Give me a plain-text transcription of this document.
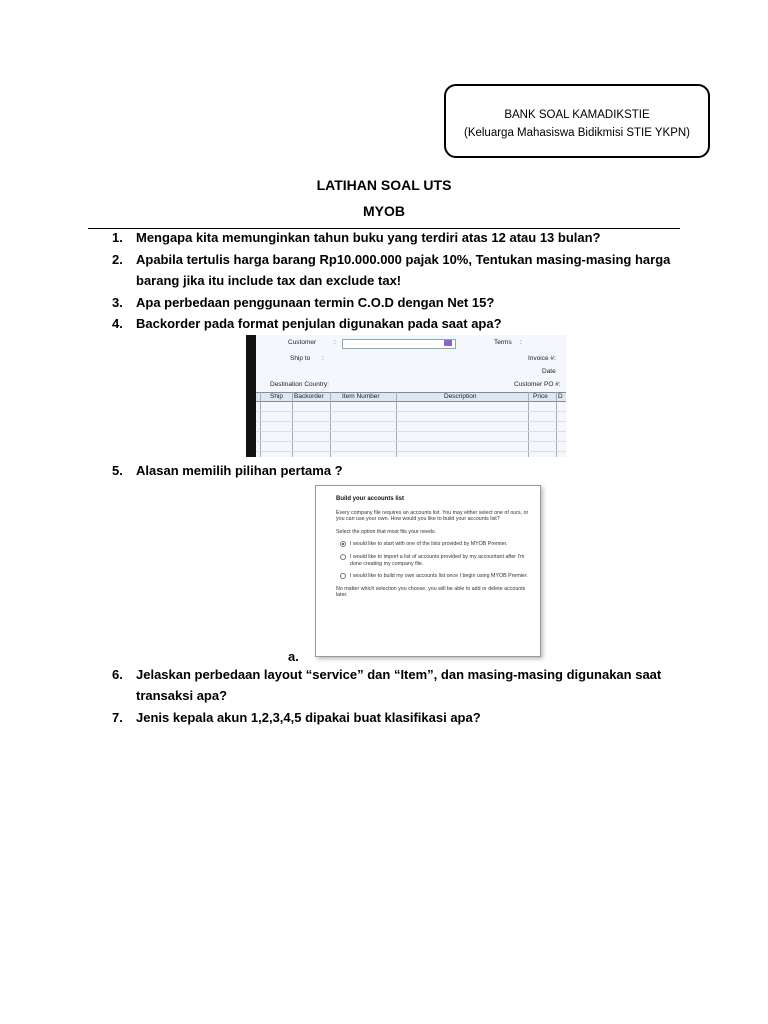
BANK SOAL KAMADIKSTIE
(Keluarga Mahasiswa Bidikmisi STIE YKPN)
LATIHAN SOAL UTS
MYOB
1.	Mengapa kita memunginkan tahun buku yang terdiri atas 12 atau 13 bulan?
2.	Apabila tertulis harga barang Rp10.000.000 pajak 10%, Tentukan masing-masing harga barang jika itu include tax dan exclude tax!
3.	Apa perbedaan penggunaan termin C.O.D dengan Net 15?
4.	Backorder pada format penjulan digunakan pada saat apa?
Customer	:	Terms :
Ship to :	Invoice #:
Date
Destination Country:	Customer PO #:
Ship Backorder	Item Number	Description	Price D
5.	Alasan memilih pilihan pertama ?
Build your accounts list

Every company file requires an accounts list. You may either select one of ours, or you can use your own. How would you like to build your accounts list?

Select the option that most fits your needs.

I would like to start with one of the lists provided by MYOB Premier.
I would like to import a list of accounts provided by my accountant after I'm done creating my company file.
I would like to build my own accounts list once I begin using MYOB Premier.

No matter which selection you choose, you will be able to add or delete accounts later.

a.
6.	Jelaskan perbedaan layout “service” dan “Item”, dan masing-masing digunakan saat transaksi apa?
7.	Jenis kepala akun 1,2,3,4,5 dipakai buat klasifikasi apa?
